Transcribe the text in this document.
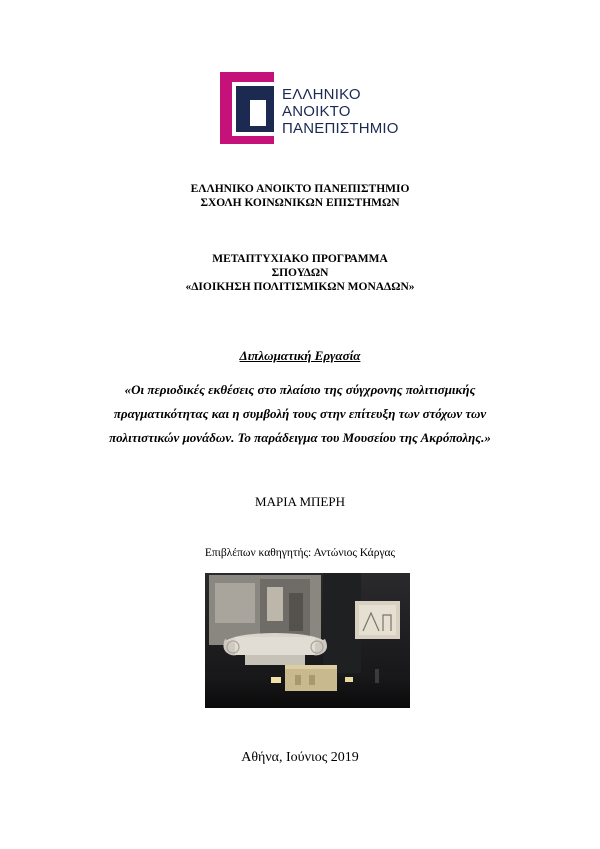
ΕΛΛΗΝΙΚΟ
ΑΝΟΙΚΤΟ
ΠΑΝΕΠΙΣΤΗΜΙΟ
ΕΛΛΗΝΙΚΟ ΑΝΟΙΚΤΟ ΠΑΝΕΠΙΣΤΗΜΙΟ
ΣΧΟΛΗ ΚΟΙΝΩΝΙΚΩΝ ΕΠΙΣΤΗΜΩΝ
ΜΕΤΑΠΤΥΧΙΑΚΟ ΠΡΟΓΡΑΜΜΑ
ΣΠΟΥΔΩΝ
«ΔΙΟΙΚΗΣΗ ΠΟΛΙΤΙΣΜΙΚΩΝ ΜΟΝΑΔΩΝ»
Διπλωματική Εργασία
«Οι περιοδικές εκθέσεις στο πλαίσιο της σύγχρονης πολιτισμικής
πραγματικότητας και η συμβολή τους στην επίτευξη των στόχων των
πολιτιστικών μονάδων. Το παράδειγμα του Μουσείου της Ακρόπολης.»
ΜΑΡΙΑ ΜΠΕΡΗ
Επιβλέπων καθηγητής: Αντώνιος Κάργας
Αθήνα, Ιούνιος 2019
